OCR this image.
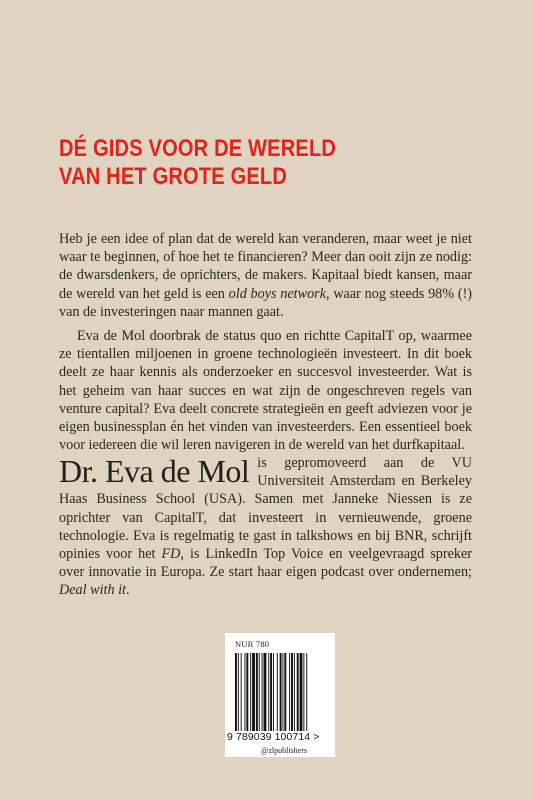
DÉ GIDS VOOR DE WERELD
VAN HET GROTE GELD

Heb je een idee of plan dat de wereld kan veranderen, maar weet je niet waar te beginnen, of hoe het te financieren? Meer dan ooit zijn ze nodig: de dwarsdenkers, de oprichters, de makers. Kapitaal biedt kansen, maar de wereld van het geld is een old boys network, waar nog steeds 98% (!) van de investeringen naar mannen gaat.

Eva de Mol doorbrak de status quo en richtte CapitalT op, waarmee ze tientallen miljoenen in groene technologieën investeert. In dit boek deelt ze haar kennis als onderzoeker en succesvol investeerder. Wat is het geheim van haar succes en wat zijn de ongeschreven regels van venture capital? Eva deelt concrete strategieën en geeft adviezen voor je eigen businessplan én het vinden van investeerders. Een essentieel boek voor iedereen die wil leren navigeren in de wereld van het durfkapitaal.

Dr. Eva de Mol is gepromoveerd aan de VU Universiteit Amsterdam en Berkeley Haas Business School (USA). Samen met Janneke Niessen is ze oprichter van CapitalT, dat investeert in vernieuwende, groene technologie. Eva is regelmatig te gast in talkshows en bij BNR, schrijft opinies voor het FD, is LinkedIn Top Voice en veelgevraagd spreker over innovatie in Europa. Ze start haar eigen podcast over ondernemen; Deal with it.
NUR 780
9 789039 100714 >
@zlpublishers
